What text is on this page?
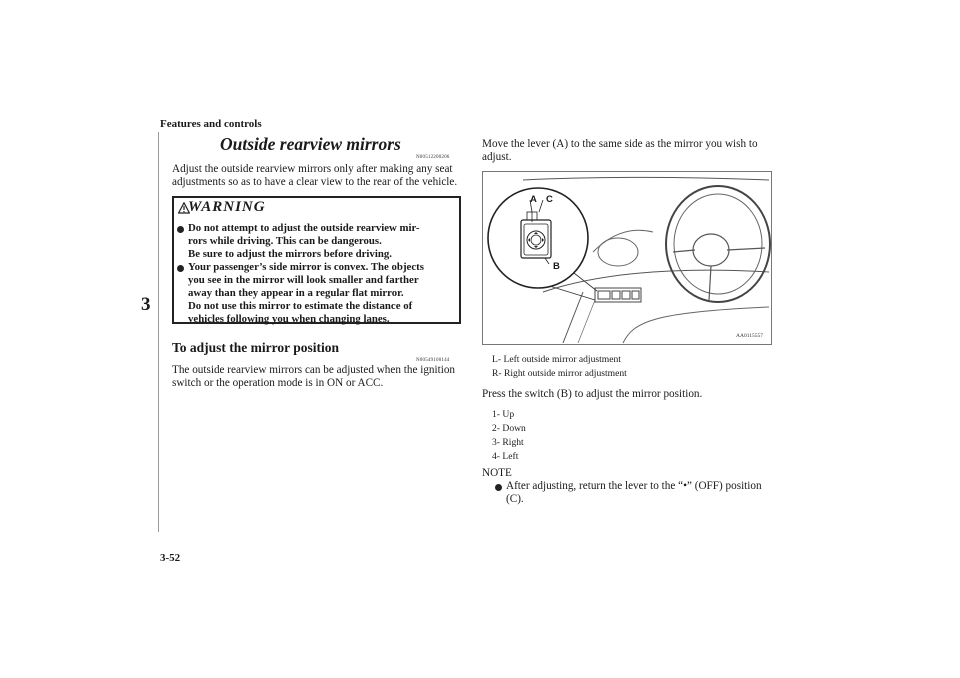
Features and controls
3
Outside rearview mirrors
N00512200206
Adjust the outside rearview mirrors only after making any seat
adjustments so as to have a clear view to the rear of the vehicle.
WARNING
Do not attempt to adjust the outside rearview mir-
rors while driving. This can be dangerous.
Be sure to adjust the mirrors before driving.
Your passenger’s side mirror is convex. The objects
you see in the mirror will look smaller and farther
away than they appear in a regular flat mirror.
Do not use this mirror to estimate the distance of
vehicles following you when changing lanes.
To adjust the mirror position
N00549100144
The outside rearview mirrors can be adjusted when the ignition
switch or the operation mode is in ON or ACC.
Move the lever (A) to the same side as the mirror you wish to
adjust.
A C
B
AA0115557
L- Left outside mirror adjustment
R- Right outside mirror adjustment
Press the switch (B) to adjust the mirror position.
1- Up
2- Down
3- Right
4- Left
NOTE
After adjusting, return the lever to the “•” (OFF) position
(C).
3-52
